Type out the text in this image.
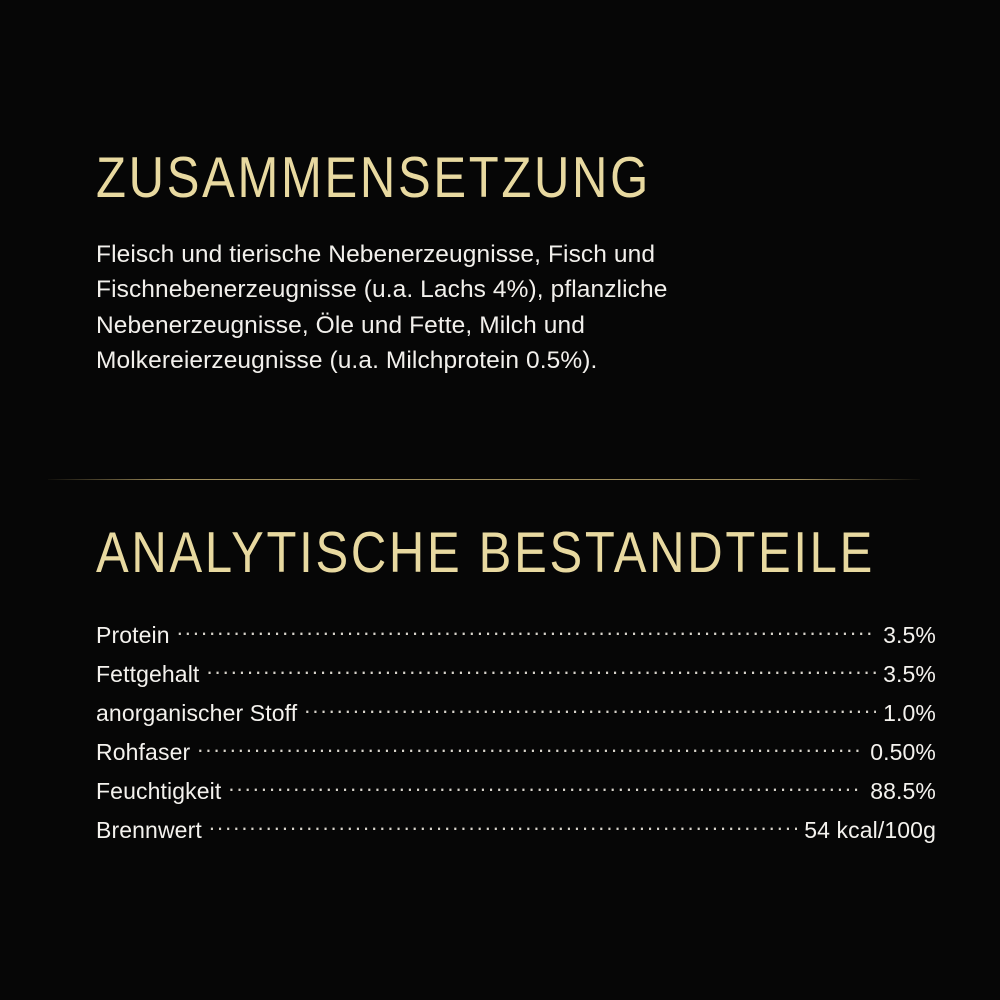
ZUSAMMENSETZUNG
Fleisch und tierische Nebenerzeugnisse, Fisch und Fischnebenerzeugnisse (u.a. Lachs 4%), pflanzliche Nebenerzeugnisse, Öle und Fette, Milch und Molkereierzeugnisse (u.a. Milchprotein 0.5%).
ANALYTISCHE BESTANDTEILE
Protein .....	3.5%
Fettgehalt .....	3.5%
anorganischer Stoff .....	1.0%
Rohfaser .....	0.50%
Feuchtigkeit .....	88.5%
Brennwert .....	54 kcal/100g
